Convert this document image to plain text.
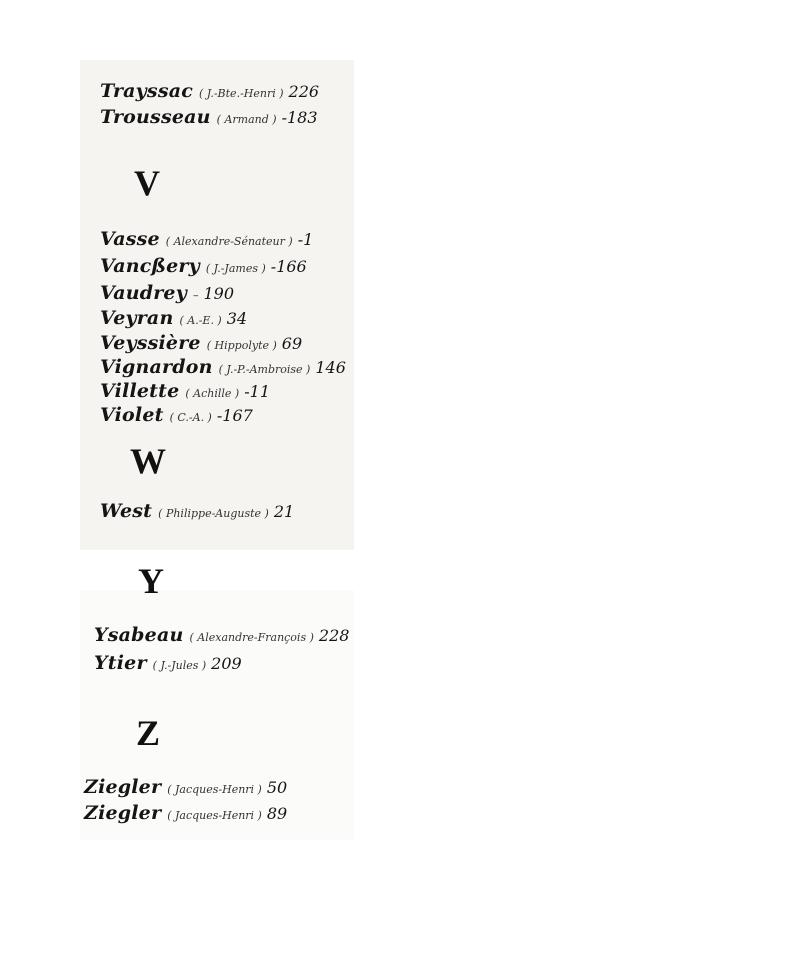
Trayssac ( J.-Bte.-Henri ) 226
Trousseau ( Armand ) -183
V
Vasse ( Alexandre-Sénateur ) -1
Vancßery ( J.-James ) -166
Vaudrey – 190
Veyran ( A.-E. ) 34
Veyssière ( Hippolyte ) 69
Vignardon ( J.-P.-Ambroise ) 146
Villette ( Achille ) -11
Violet ( C.-A. ) -167
W
West ( Philippe-Auguste ) 21
Y
Ysabeau ( Alexandre-François ) 228
Ytier ( J.-Jules ) 209
Z
Ziegler ( Jacques-Henri ) 50
Ziegler ( Jacques-Henri ) 89
